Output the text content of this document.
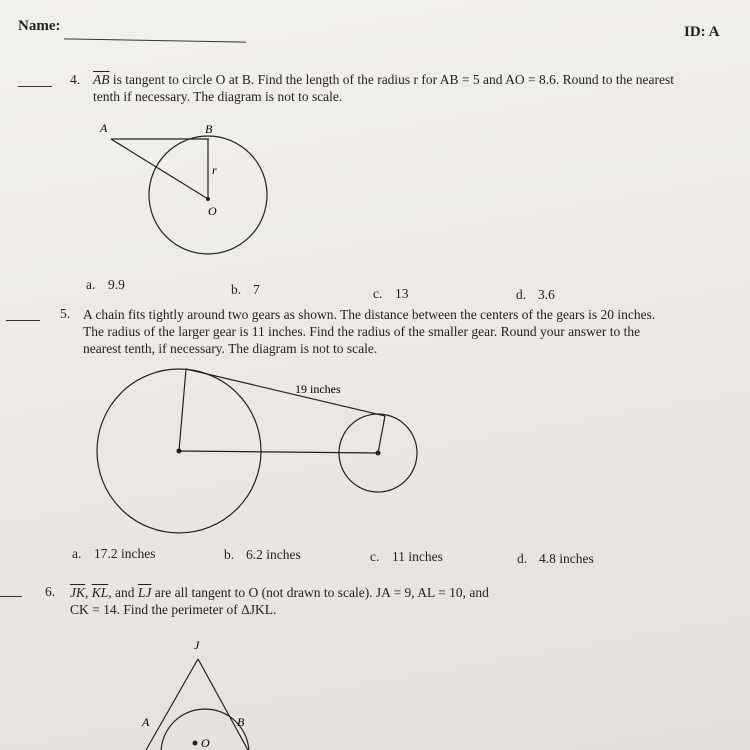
Name:	ID: A
4. $\overline{AB}$ is tangent to circle O at B. Find the length of the radius r for AB = 5 and AO = 8.6. Round to the nearest
tenth if necessary. The diagram is not to scale.
A	B
r
O
a. 9.9	b. 7	c. 13	d. 3.6
5. A chain fits tightly around two gears as shown. The distance between the centers of the gears is 20 inches.
The radius of the larger gear is 11 inches. Find the radius of the smaller gear. Round your answer to the
nearest tenth, if necessary. The diagram is not to scale.
19 inches
a. 17.2 inches	b. 6.2 inches	c. 11 inches	d. 4.8 inches
6. $\overline{JK}$, $\overline{KL}$, and $\overline{LJ}$ are all tangent to O (not drawn to scale). JA = 9, AL = 10, and
CK = 14. Find the perimeter of ΔJKL.
J
A	B
O
